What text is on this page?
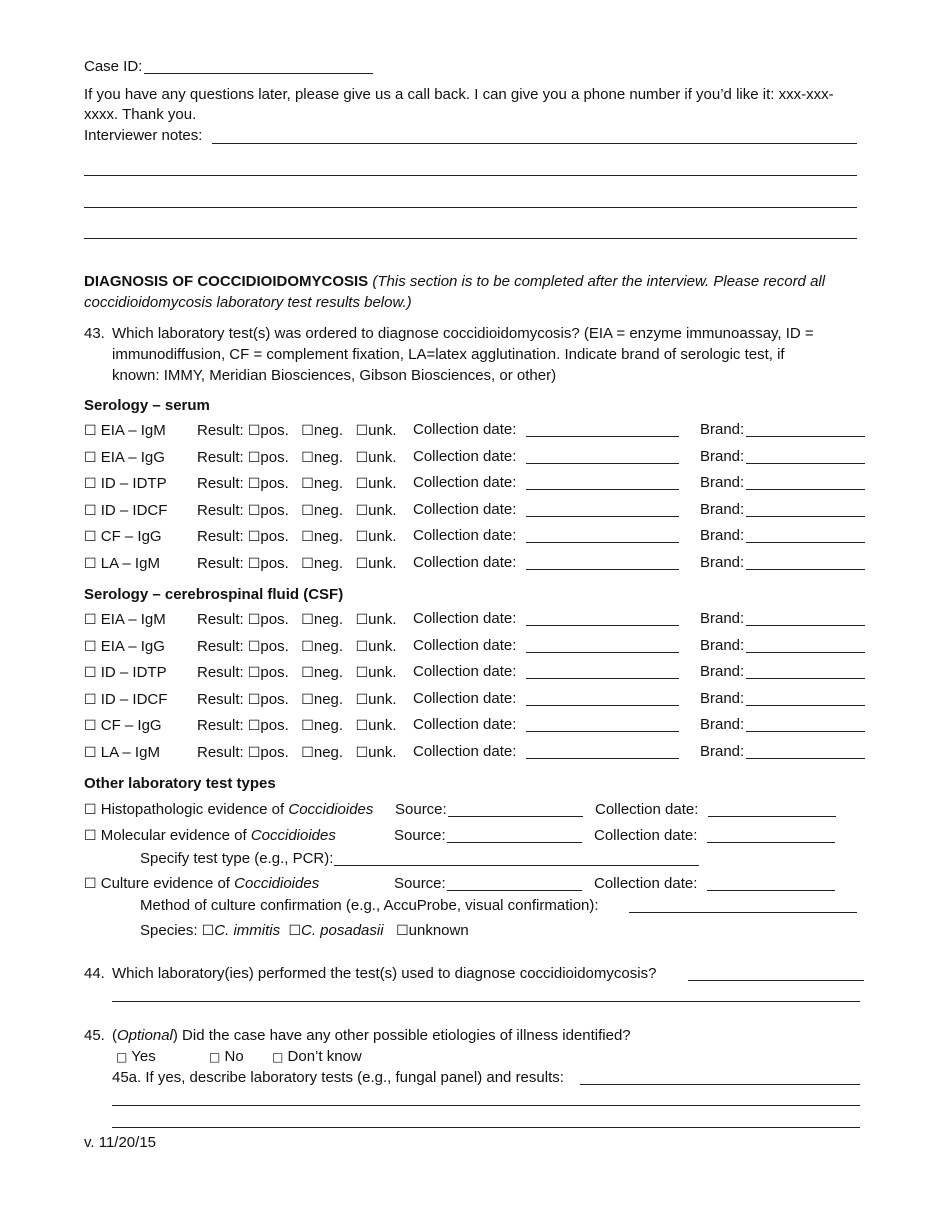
Case ID:
If you have any questions later, please give us a call back. I can give you a phone number if you’d like it: xxx-xxx-
xxxx. Thank you.
Interviewer notes:
DIAGNOSIS OF COCCIDIOIDOMYCOSIS (This section is to be completed after the interview. Please record all
coccidioidomycosis laboratory test results below.)
43. Which laboratory test(s) was ordered to diagnose coccidioidomycosis? (EIA = enzyme immunoassay, ID =
immunodiffusion, CF = complement fixation, LA=latex agglutination. Indicate brand of serologic test, if
known: IMMY, Meridian Biosciences, Gibson Biosciences, or other)
Serology – serum
☐ EIA – IgM Result: ☐pos. ☐neg. ☐unk. Collection date:	Brand:
☐ EIA – IgG Result: ☐pos. ☐neg. ☐unk. Collection date:	Brand:
☐ ID – IDTP Result: ☐pos. ☐neg. ☐unk. Collection date:	Brand:
☐ ID – IDCF Result: ☐pos. ☐neg. ☐unk. Collection date:	Brand:
☐ CF – IgG Result: ☐pos. ☐neg. ☐unk. Collection date:	Brand:
☐ LA – IgM Result: ☐pos. ☐neg. ☐unk. Collection date:	Brand:
Serology – cerebrospinal fluid (CSF)
☐ EIA – IgM Result: ☐pos. ☐neg. ☐unk. Collection date:	Brand:
☐ EIA – IgG Result: ☐pos. ☐neg. ☐unk. Collection date:	Brand:
☐ ID – IDTP Result: ☐pos. ☐neg. ☐unk. Collection date:	Brand:
☐ ID – IDCF Result: ☐pos. ☐neg. ☐unk. Collection date:	Brand:
☐ CF – IgG Result: ☐pos. ☐neg. ☐unk. Collection date:	Brand:
☐ LA – IgM Result: ☐pos. ☐neg. ☐unk. Collection date:	Brand:
Other laboratory test types
☐ Histopathologic evidence of Coccidioides Source:	Collection date:
☐ Molecular evidence of Coccidioides	Source:	Collection date:
Specify test type (e.g., PCR):
☐ Culture evidence of Coccidioides	Source:	Collection date:
Method of culture confirmation (e.g., AccuProbe, visual confirmation):
Species: ☐C. immitis ☐C. posadasii ☐unknown
44. Which laboratory(ies) performed the test(s) used to diagnose coccidioidomycosis?
45. (Optional) Did the case have any other possible etiologies of illness identified?
□ Yes	□ No □ Don’t know
45a. If yes, describe laboratory tests (e.g., fungal panel) and results:
v. 11/20/15
